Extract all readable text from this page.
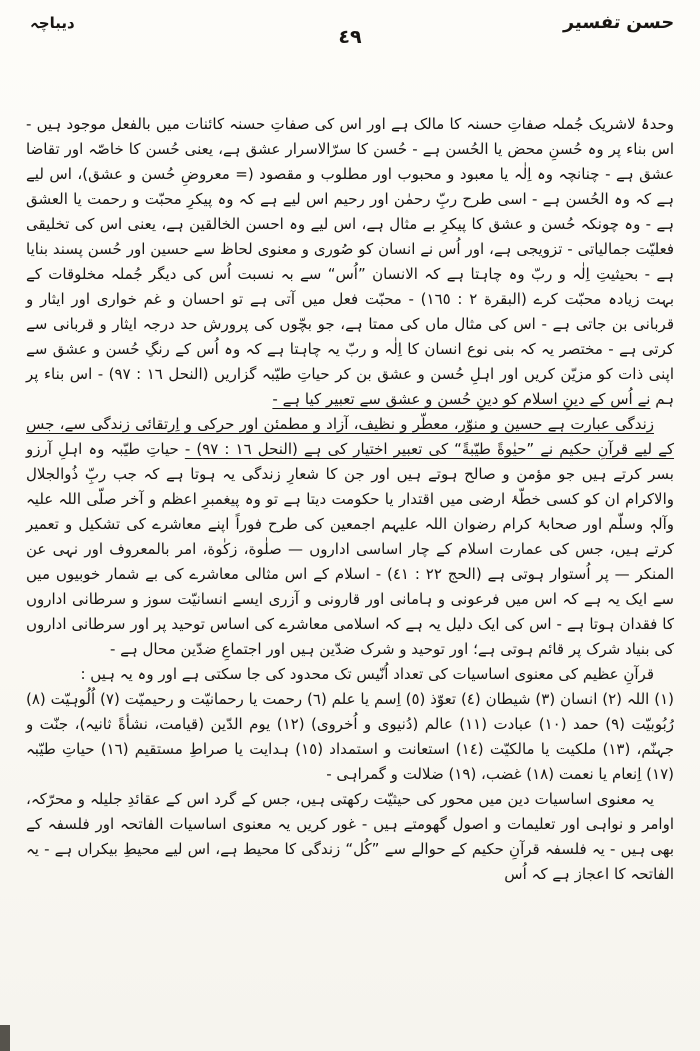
حسن تفسیر
٤٩
دیباچہ

وحدۂ لاشریک جُملہ صفاتِ حسنہ کا مالک ہے اور اس کی صفاتِ حسنہ کائنات میں بالفعل موجود ہیں - اس بناء پر وہ حُسنِ محض یا الحُسن ہے - حُسن کا سرّالاسرار عشق ہے، یعنی حُسن کا خاصّہ اور تقاضا عشق ہے - چنانچہ وہ اِلٰہ یا معبود و محبوب اور مطلوب و مقصود (= معروضِ حُسن و عشق)، اس لیے ہے کہ وہ الحُسن ہے - اسی طرح ربِّ رحمٰن اور رحیم اس لیے ہے کہ وہ پیکرِ محبّت و رحمت یا العشق ہے - وہ چونکہ حُسن و عشق کا پیکرِ بے مثال ہے، اس لیے وہ احسن الخالقین ہے، یعنی اس کی تخلیقی فعلیّت جمالیاتی - تزویجی ہے، اور اُس نے انسان کو صُوری و معنوی لحاظ سے حسین اور حُسن پسند بنایا ہے - بحیثیتِ اِلٰہ و ربّ وہ چاہتا ہے کہ الانسان ”اُس“ سے بہ نسبت اُس کی دیگر جُملہ مخلوقات کے بہت زیادہ محبّت کرے (البقرة ٢ : ١٦٥) - محبّت فعل میں آتی ہے تو احسان و غم خواری اور ایثار و قربانی بن جاتی ہے - اس کی مثال ماں کی ممتا ہے، جو بچّوں کی پرورش حد درجہ ایثار و قربانی سے کرتی ہے - مختصر یہ کہ بنی نوع انسان کا اِلٰہ و ربّ یہ چاہتا ہے کہ وہ اُس کے رنگِ حُسن و عشق سے اپنی ذات کو مزیّن کریں اور اہلِ حُسن و عشق بن کر حیاتِ طیّبہ گزاریں (النحل ١٦ : ٩٧) - اس بناء پر ہم نے اُس کے دینِ اسلام کو دینِ حُسن و عشق سے تعبیر کیا ہے -

زندگی عبارت ہے حسین و منوّر، معطّر و نظیف، آزاد و مطمئن اور حرکی و اِرتقائی زندگی سے، جس کے لیے قرآنِ حکیم نے ”حیٰوةً طیّبةً“ کی تعبیر اختیار کی ہے (النحل ١٦ : ٩٧) - حیاتِ طیّبہ وہ اہلِ آرزو بسر کرتے ہیں جو مؤمن و صالح ہوتے ہیں اور جن کا شعارِ زندگی یہ ہوتا ہے کہ جب ربِّ ذُوالجلال والاکرام ان کو کسی خطّۂ ارضی میں اقتدار یا حکومت دیتا ہے تو وہ پیغمبرِ اعظم و آخر صلّی اللہ علیہ وآلہٖ وسلّم اور صحابۂ کرام رضوان اللہ علیہم اجمعین کی طرح فوراً اپنے معاشرے کی تشکیل و تعمیر کرتے ہیں، جس کی عمارت اسلام کے چار اساسی اداروں — صلٰوة، زکٰوة، امر بالمعروف اور نہی عن المنکر — پر اُستوار ہوتی ہے (الحج ٢٢ : ٤١) - اسلام کے اس مثالی معاشرے کی بے شمار خوبیوں میں سے ایک یہ ہے کہ اس میں فرعونی و ہامانی اور قارونی و آزری ایسے انسانیّت سوز و سرطانی اداروں کا فقدان ہوتا ہے - اس کی ایک دلیل یہ ہے کہ اسلامی معاشرے کی اساس توحید پر اور سرطانی اداروں کی بنیاد شرک پر قائم ہوتی ہے؛ اور توحید و شرک ضدّین ہیں اور اجتماعِ ضدّین محال ہے -

قرآنِ عظیم کی معنوی اساسیات کی تعداد اُنّیس تک محدود کی جا سکتی ہے اور وہ یہ ہیں :

(١) اللہ (٢) انسان (٣) شیطان (٤) تعوّذ (٥) اِسم یا علم (٦) رحمت یا رحمانیّت و رحیمیّت (٧) اُلُوہیّت (٨) رُبُوبیّت (٩) حمد (١٠) عبادت (١١) عالم (دُنیوی و اُخروی) (١٢) یوم الدّین (قیامت، نشأةً ثانیہ)، جنّت و جہنّم، (١٣) ملکیت یا مالکیّت (١٤) استعانت و استمداد (١٥) ہدایت یا صراطِ مستقیم (١٦) حیاتِ طیّبہ (١٧) اِنعام یا نعمت (١٨) غضب، (١٩) ضلالت و گمراہی -

یہ معنوی اساسیات دین میں محور کی حیثیّت رکھتی ہیں، جس کے گرد اس کے عقائدِ جلیلہ و محرّکہ، اوامر و نواہی اور تعلیمات و اصول گھومتے ہیں - غور کریں یہ معنوی اساسیات الفاتحہ اور فلسفہ کے بھی ہیں - یہ فلسفہ قرآنِ حکیم کے حوالے سے ”کُل“ زندگی کا محیط ہے، اس لیے محیطِ بیکراں ہے - یہ الفاتحہ کا اعجاز ہے کہ اُس
